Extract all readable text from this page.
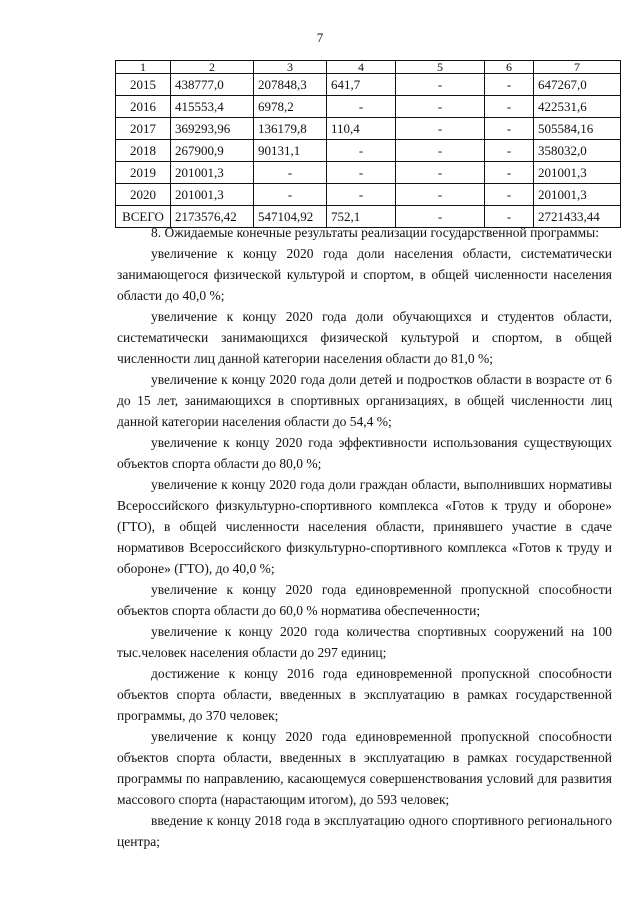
7
1	2	3	4	5	6	7
2015	438777,0	207848,3	641,7	-	-	647267,0
2016	415553,4	6978,2	-	-	-	422531,6
2017	369293,96	136179,8	110,4	-	-	505584,16
2018	267900,9	90131,1	-	-	-	358032,0
2019	201001,3	-	-	-	-	201001,3
2020	201001,3	-	-	-	-	201001,3
ВСЕГО	2173576,42	547104,92	752,1	-	-	2721433,44

8. Ожидаемые конечные результаты реализации государственной программы:

увеличение к концу 2020 года доли населения области, систематически занимающегося физической культурой и спортом, в общей численности населения области до 40,0 %;

увеличение к концу 2020 года доли обучающихся и студентов области, систематически занимающихся физической культурой и спортом, в общей численности лиц данной категории населения области до 81,0 %;

увеличение к концу 2020 года доли детей и подростков области в возрасте от 6 до 15 лет, занимающихся в спортивных организациях, в общей численности лиц данной категории населения области до 54,4 %;

увеличение к концу 2020 года эффективности использования существующих объектов спорта области до 80,0 %;

увеличение к концу 2020 года доли граждан области, выполнивших нормативы Всероссийского физкультурно-спортивного комплекса «Готов к труду и обороне» (ГТО), в общей численности населения области, принявшего участие в сдаче нормативов Всероссийского физкультурно-спортивного комплекса «Готов к труду и обороне» (ГТО), до 40,0 %;

увеличение к концу 2020 года единовременной пропускной способности объектов спорта области до 60,0 % норматива обеспеченности;

увеличение к концу 2020 года количества спортивных сооружений на 100 тыс.человек населения области до 297 единиц;

достижение к концу 2016 года единовременной пропускной способности объектов спорта области, введенных в эксплуатацию в рамках государственной программы, до 370 человек;

увеличение к концу 2020 года единовременной пропускной способности объектов спорта области, введенных в эксплуатацию в рамках государственной программы по направлению, касающемуся совершенствования условий для развития массового спорта (нарастающим итогом), до 593 человек;

введение к концу 2018 года в эксплуатацию одного спортивного регионального центра;
